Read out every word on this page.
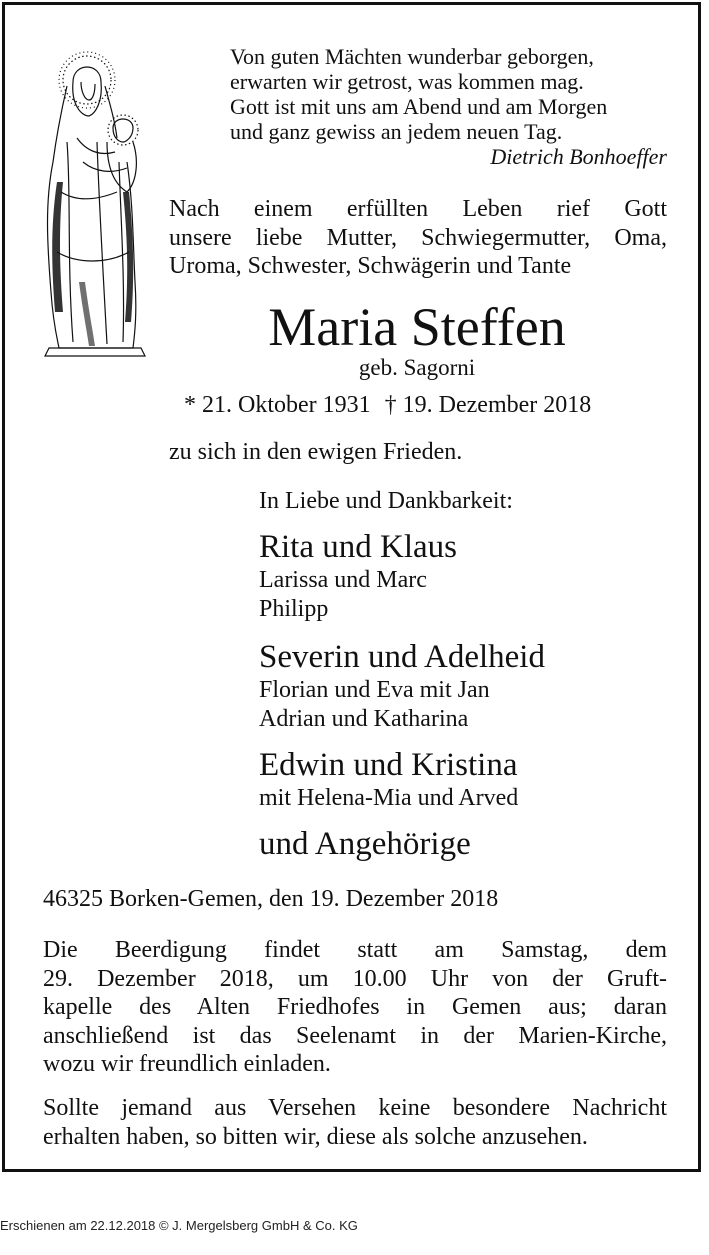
Von guten Mächten wunderbar geborgen,
erwarten wir getrost, was kommen mag.
Gott ist mit uns am Abend und am Morgen
und ganz gewiss an jedem neuen Tag.
Dietrich Bonhoeffer
Nach einem erfüllten Leben rief Gott
unsere liebe Mutter, Schwiegermutter, Oma,
Uroma, Schwester, Schwägerin und Tante
Maria Steffen
geb. Sagorni
* 21. Oktober 1931 † 19. Dezember 2018
zu sich in den ewigen Frieden.
In Liebe und Dankbarkeit:
Rita und Klaus
Larissa und Marc
Philipp
Severin und Adelheid
Florian und Eva mit Jan
Adrian und Katharina
Edwin und Kristina
mit Helena-Mia und Arved
und Angehörige
46325 Borken-Gemen, den 19. Dezember 2018
Die Beerdigung findet statt am Samstag, dem
29. Dezember 2018, um 10.00 Uhr von der Gruft-
kapelle des Alten Friedhofes in Gemen aus; daran
anschließend ist das Seelenamt in der Marien-Kirche,
wozu wir freundlich einladen.
Sollte jemand aus Versehen keine besondere Nachricht
erhalten haben, so bitten wir, diese als solche anzusehen.
Erschienen am 22.12.2018 © J. Mergelsberg GmbH & Co. KG
